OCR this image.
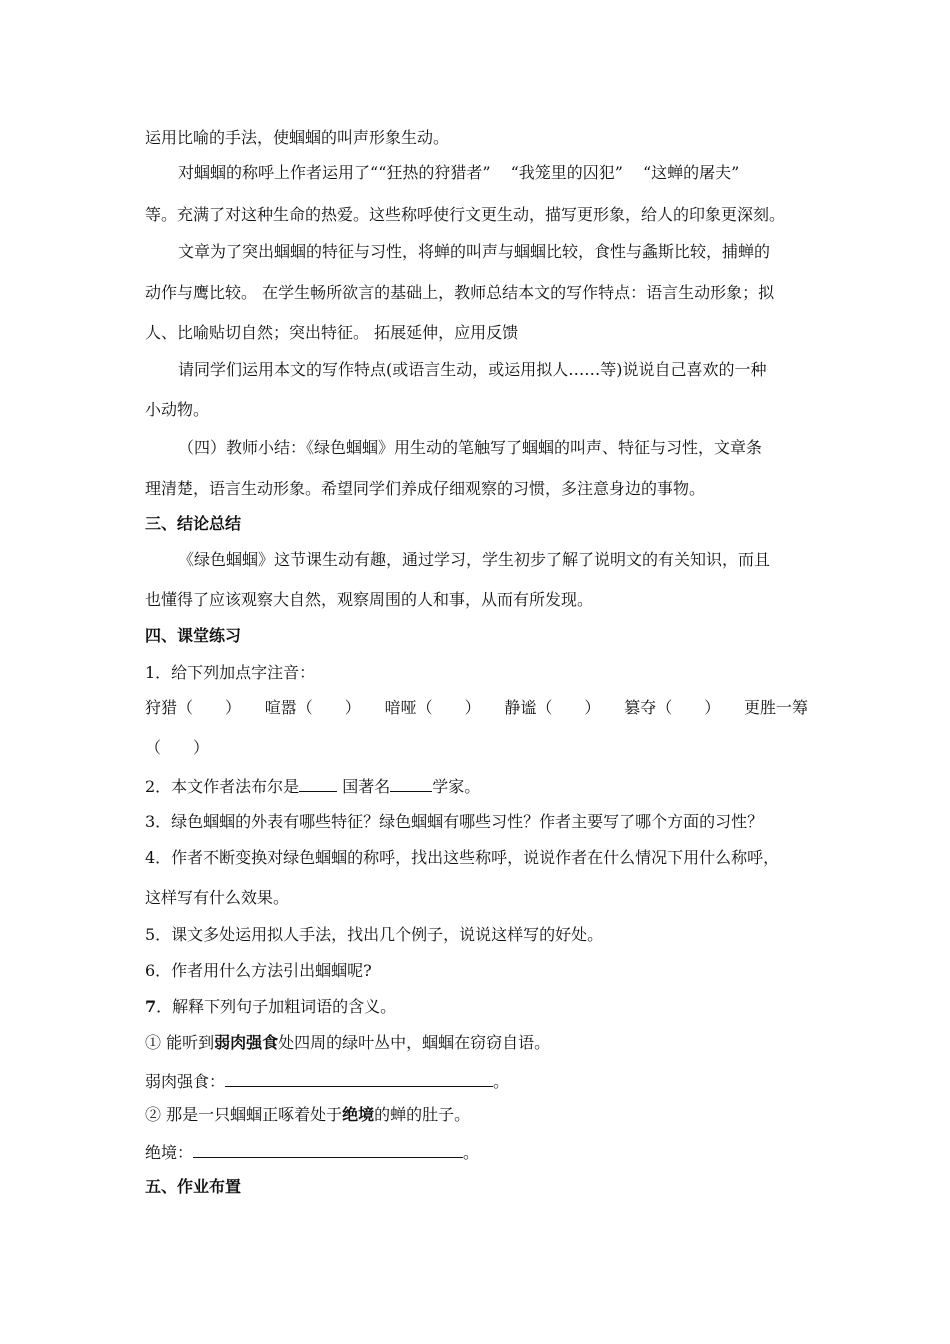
运用比喻的手法，使蝈蝈的叫声形象生动。
对蝈蝈的称呼上作者运用了““狂热的狩猎者” “我笼里的囚犯” “这蝉的屠夫”
等。充满了对这种生命的热爱。这些称呼使行文更生动，描写更形象，给人的印象更深刻。
文章为了突出蝈蝈的特征与习性，将蝉的叫声与蝈蝈比较，食性与螽斯比较，捕蝉的
动作与鹰比较。 在学生畅所欲言的基础上，教师总结本文的写作特点：语言生动形象；拟
人、比喻贴切自然；突出特征。 拓展延伸，应用反馈
请同学们运用本文的写作特点(或语言生动，或运用拟人……等)说说自己喜欢的一种
小动物。
（四）教师小结：《绿色蝈蝈》用生动的笔触写了蝈蝈的叫声、特征与习性，文章条
理清楚，语言生动形象。希望同学们养成仔细观察的习惯，多注意身边的事物。
三、结论总结
《绿色蝈蝈》这节课生动有趣，通过学习，学生初步了解了说明文的有关知识，而且
也懂得了应该观察大自然，观察周围的人和事，从而有所发现。
四、课堂练习
1．给下列加点字注音：
狩猎（　　） 喧嚣（　　） 喑哑（　　） 静谧（　　） 篡夺（　　） 更胜一筹
（　　）
2．本文作者法布尔是 国著名	学家。
3．绿色蝈蝈的外表有哪些特征？绿色蝈蝈有哪些习性？作者主要写了哪个方面的习性？
4．作者不断变换对绿色蝈蝈的称呼，找出这些称呼，说说作者在什么情况下用什么称呼，
这样写有什么效果。
5．课文多处运用拟人手法，找出几个例子，说说这样写的好处。
6．作者用什么方法引出蝈蝈呢?
7．解释下列句子加粗词语的含义。
① 能听到弱肉强食处四周的绿叶丛中，蝈蝈在窃窃自语。
弱肉强食：	。
② 那是一只蝈蝈正啄着处于绝境的蝉的肚子。
绝境：	。
五、作业布置
